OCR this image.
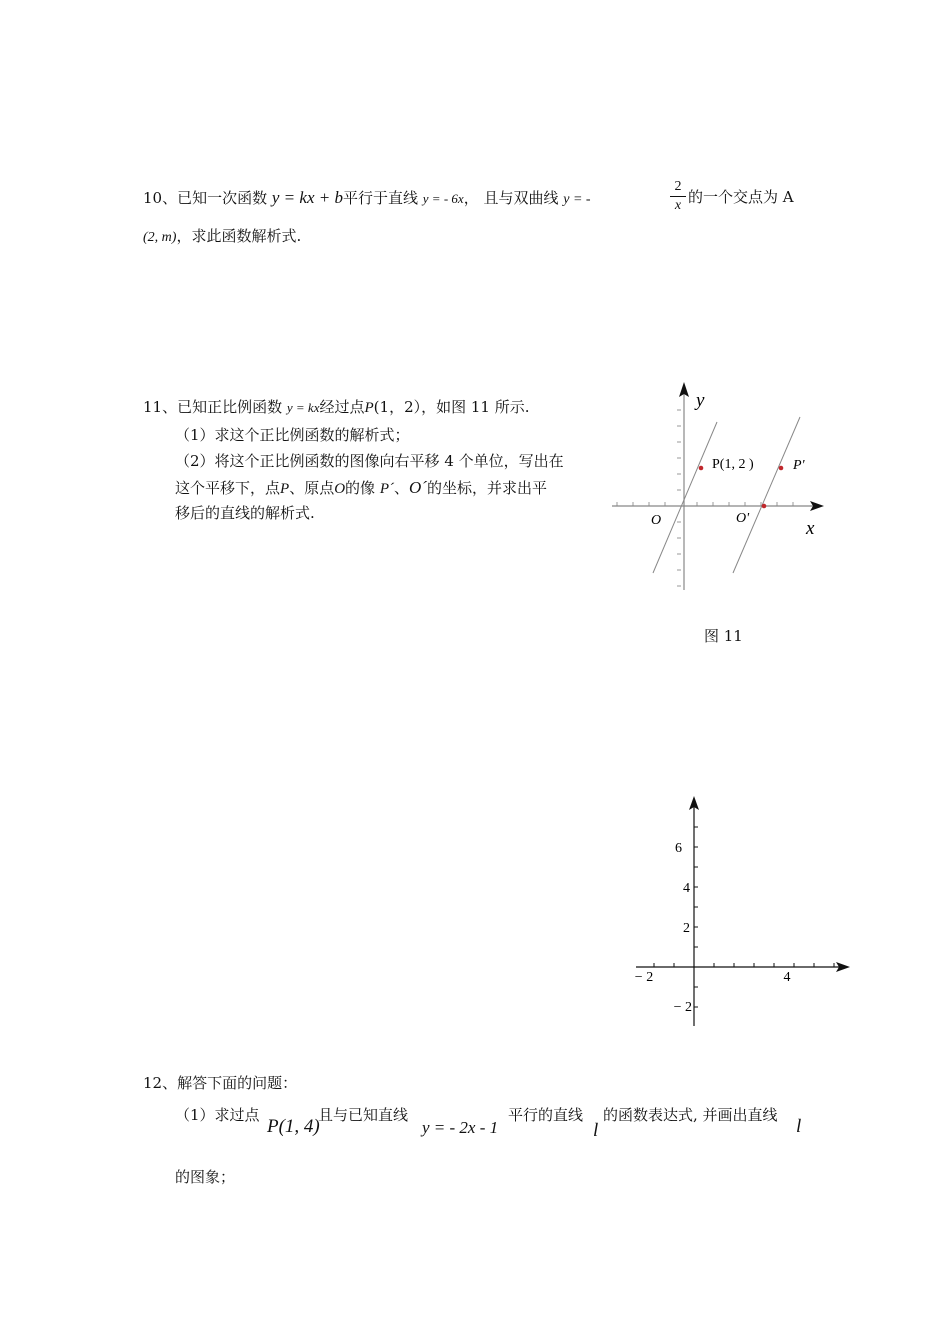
10、已知一次函数 y = kx + b平行于直线 y = - 6x， 且与双曲线 y = -	$\frac{2}{x}$ 的一个交点为 A
(2, m)，求此函数解析式.
11、已知正比例函数 y = kx经过点P(1，2），如图 11 所示.
（1）求这个正比例函数的解析式；
（2）将这个正比例函数的图像向右平移 4 个单位，写出在
这个平移下，点P、原点O的像 P´、O´的坐标，并求出平
移后的直线的解析式.
y
x
O	O'
P(1, 2 )	P'
图 11
6
4
2
− 2
− 2	4
12、解答下面的问题：
（1）求过点
P(1, 4)
且与已知直线
y = - 2x - 1
平行的直线
l
的函数表达式, 并画出直线
l
的图象；
